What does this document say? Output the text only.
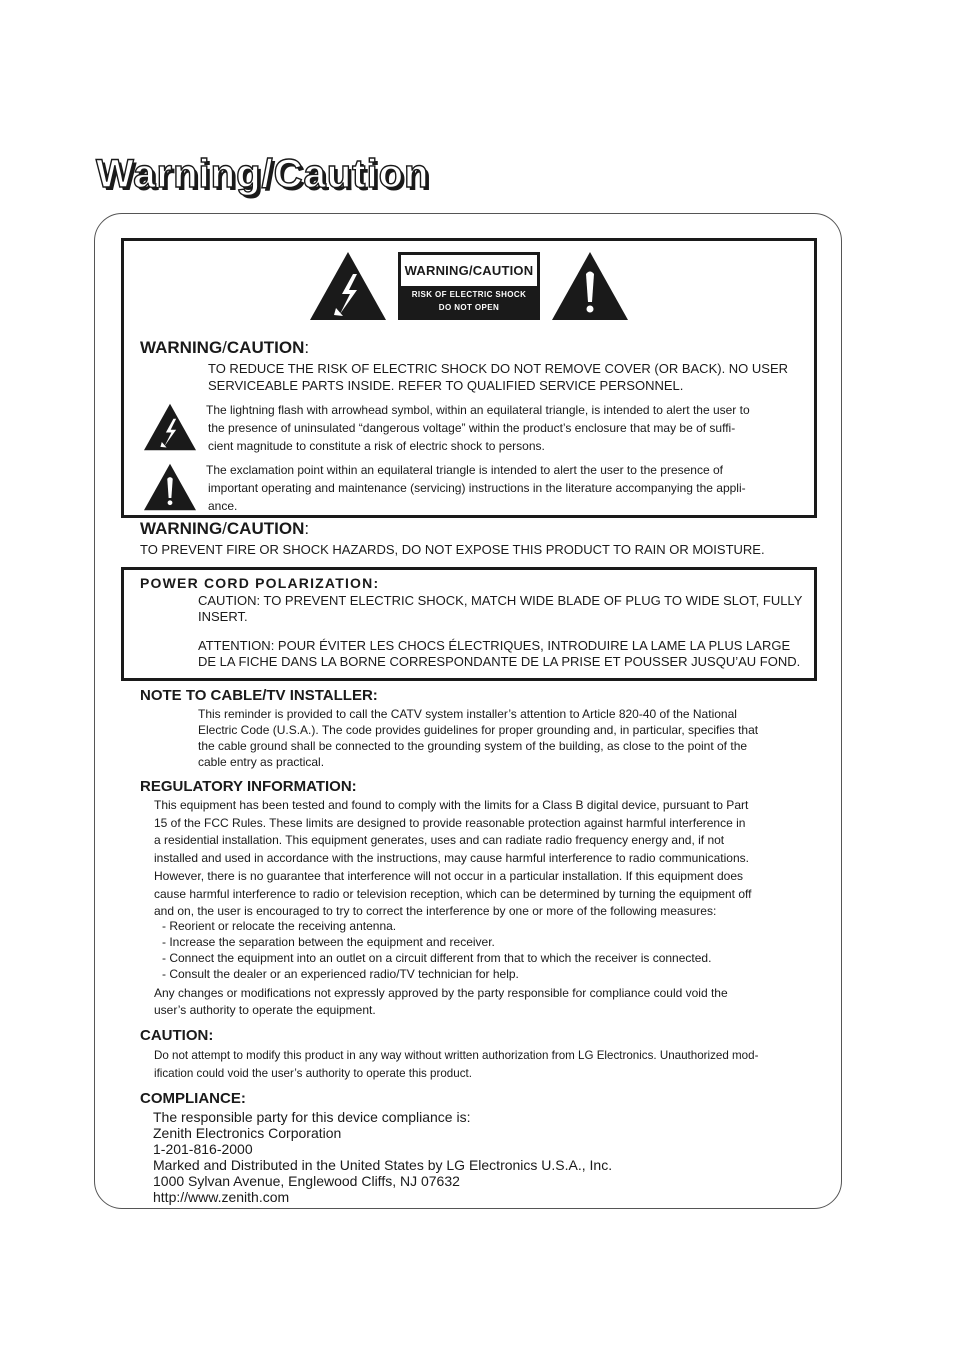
Warning/Caution
WARNING/CAUTION
RISK OF ELECTRIC SHOCK
DO NOT OPEN
WARNING/CAUTION:
TO REDUCE THE RISK OF ELECTRIC SHOCK DO NOT REMOVE COVER (OR BACK). NO USER
SERVICEABLE PARTS INSIDE. REFER TO QUALIFIED SERVICE PERSONNEL.
The lightning flash with arrowhead symbol, within an equilateral triangle, is intended to alert the user to
the presence of uninsulated “dangerous voltage” within the product’s enclosure that may be of suffi-
cient magnitude to constitute a risk of electric shock to persons.
The exclamation point within an equilateral triangle is intended to alert the user to the presence of
important operating and maintenance (servicing) instructions in the literature accompanying the appli-
ance.
WARNING/CAUTION:
TO PREVENT FIRE OR SHOCK HAZARDS, DO NOT EXPOSE THIS PRODUCT TO RAIN OR MOISTURE.
POWER CORD POLARIZATION:
CAUTION: TO PREVENT ELECTRIC SHOCK, MATCH WIDE BLADE OF PLUG TO WIDE SLOT, FULLY
INSERT.
ATTENTION: POUR ÉVITER LES CHOCS ÉLECTRIQUES, INTRODUIRE LA LAME LA PLUS LARGE
DE LA FICHE DANS LA BORNE CORRESPONDANTE DE LA PRISE ET POUSSER JUSQU’AU FOND.
NOTE TO CABLE/TV INSTALLER:
This reminder is provided to call the CATV system installer’s attention to Article 820-40 of the National
Electric Code (U.S.A.). The code provides guidelines for proper grounding and, in particular, specifies that
the cable ground shall be connected to the grounding system of the building, as close to the point of the
cable entry as practical.
REGULATORY INFORMATION:
This equipment has been tested and found to comply with the limits for a Class B digital device, pursuant to Part
15 of the FCC Rules. These limits are designed to provide reasonable protection against harmful interference in
a residential installation. This equipment generates, uses and can radiate radio frequency energy and, if not
installed and used in accordance with the instructions, may cause harmful interference to radio communications.
However, there is no guarantee that interference will not occur in a particular installation. If this equipment does
cause harmful interference to radio or television reception, which can be determined by turning the equipment off
and on, the user is encouraged to try to correct the interference by one or more of the following measures:
- Reorient or relocate the receiving antenna.
- Increase the separation between the equipment and receiver.
- Connect the equipment into an outlet on a circuit different from that to which the receiver is connected.
- Consult the dealer or an experienced radio/TV technician for help.
Any changes or modifications not expressly approved by the party responsible for compliance could void the
user’s authority to operate the equipment.
CAUTION:
Do not attempt to modify this product in any way without written authorization from LG Electronics. Unauthorized mod-
ification could void the user’s authority to operate this product.
COMPLIANCE:
The responsible party for this device compliance is:
Zenith Electronics Corporation
1-201-816-2000
Marked and Distributed in the United States by LG Electronics U.S.A., Inc.
1000 Sylvan Avenue, Englewood Cliffs, NJ 07632
http://www.zenith.com
